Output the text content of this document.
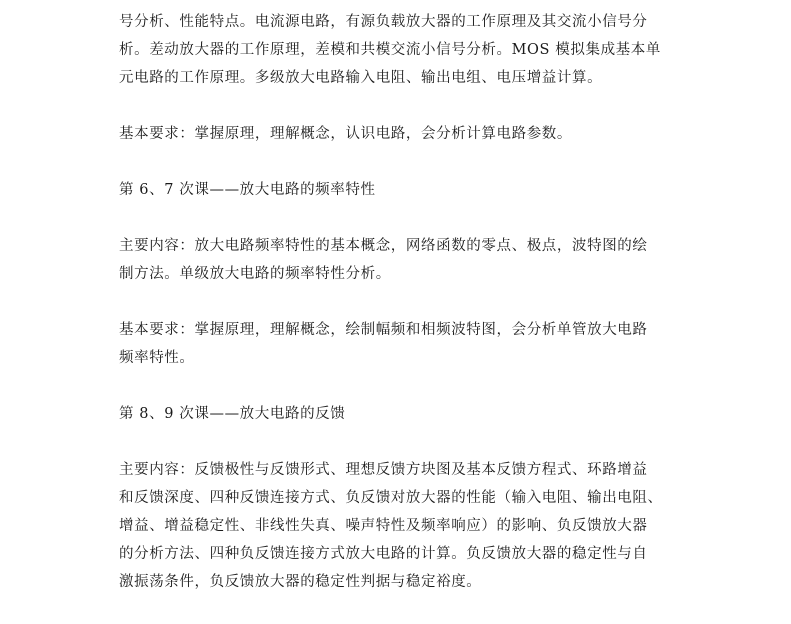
号分析、性能特点。电流源电路，有源负载放大器的工作原理及其交流小信号分
析。差动放大器的工作原理，差模和共模交流小信号分析。MOS 模拟集成基本单
元电路的工作原理。多级放大电路输入电阻、输出电组、电压增益计算。
基本要求：掌握原理，理解概念，认识电路，会分析计算电路参数。
第 6、7 次课——放大电路的频率特性
主要内容：放大电路频率特性的基本概念，网络函数的零点、极点，波特图的绘
制方法。单级放大电路的频率特性分析。
基本要求：掌握原理，理解概念，绘制幅频和相频波特图，会分析单管放大电路
频率特性。
第 8、9 次课——放大电路的反馈
主要内容：反馈极性与反馈形式、理想反馈方块图及基本反馈方程式、环路增益
和反馈深度、四种反馈连接方式、负反馈对放大器的性能（输入电阻、输出电阻、
增益、增益稳定性、非线性失真、噪声特性及频率响应）的影响、负反馈放大器
的分析方法、四种负反馈连接方式放大电路的计算。负反馈放大器的稳定性与自
激振荡条件，负反馈放大器的稳定性判据与稳定裕度。
